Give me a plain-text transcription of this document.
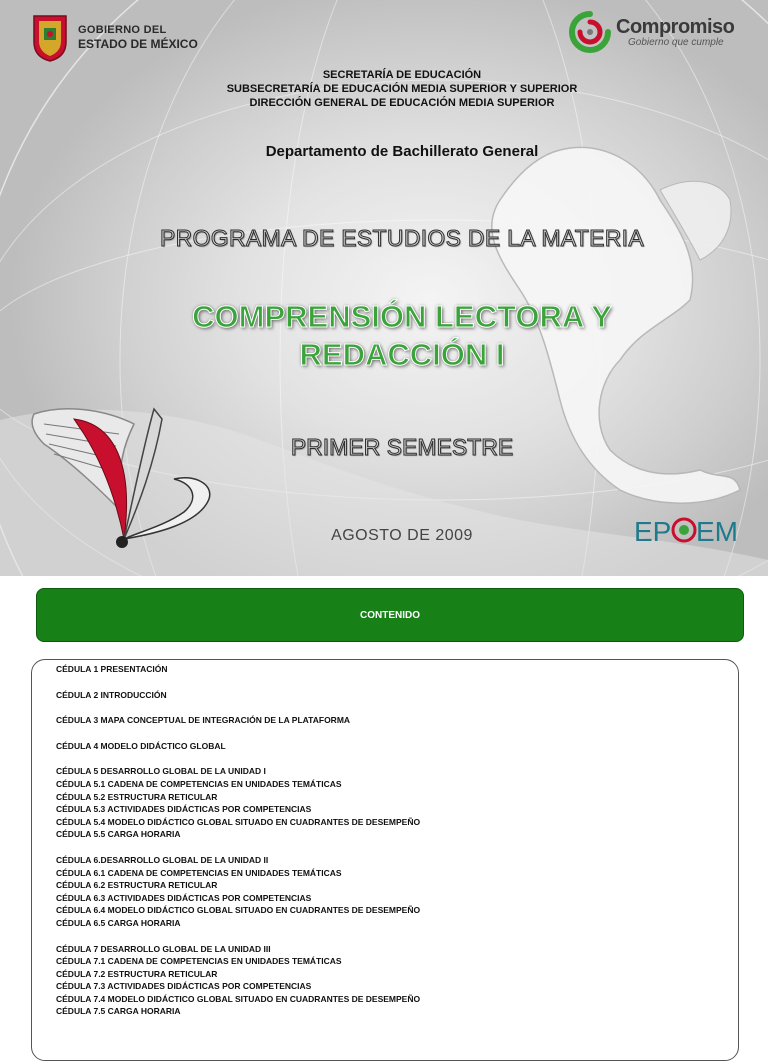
GOBIERNO DEL
ESTADO DE MÉXICO
Compromiso
Gobierno que cumple
SECRETARÍA DE EDUCACIÓN
SUBSECRETARÍA DE EDUCACIÓN MEDIA SUPERIOR Y SUPERIOR
DIRECCIÓN GENERAL DE EDUCACIÓN MEDIA SUPERIOR
Departamento de Bachillerato General
PROGRAMA DE ESTUDIOS DE LA MATERIA
COMPRENSIÓN LECTORA Y
REDACCIÓN I
PRIMER SEMESTRE
AGOSTO DE 2009	EP EM
CONTENIDO
CÉDULA 1 PRESENTACIÓN
CÉDULA 2 INTRODUCCIÓN
CÉDULA 3 MAPA CONCEPTUAL DE INTEGRACIÓN DE LA PLATAFORMA
CÉDULA 4 MODELO DIDÁCTICO GLOBAL
CÉDULA 5 DESARROLLO GLOBAL DE LA UNIDAD I
CÉDULA 5.1 CADENA DE COMPETENCIAS EN UNIDADES TEMÁTICAS
CÉDULA 5.2 ESTRUCTURA RETICULAR
CÉDULA 5.3 ACTIVIDADES DIDÁCTICAS POR COMPETENCIAS
CÉDULA 5.4 MODELO DIDÁCTICO GLOBAL SITUADO EN CUADRANTES DE DESEMPEÑO
CÉDULA 5.5 CARGA HORARIA
CÉDULA 6.DESARROLLO GLOBAL DE LA UNIDAD II
CÉDULA 6.1 CADENA DE COMPETENCIAS EN UNIDADES TEMÁTICAS
CÉDULA 6.2 ESTRUCTURA RETICULAR
CÉDULA 6.3 ACTIVIDADES DIDÁCTICAS POR COMPETENCIAS
CÉDULA 6.4 MODELO DIDÁCTICO GLOBAL SITUADO EN CUADRANTES DE DESEMPEÑO
CÉDULA 6.5 CARGA HORARIA
CÉDULA 7 DESARROLLO GLOBAL DE LA UNIDAD III
CÉDULA 7.1 CADENA DE COMPETENCIAS EN UNIDADES TEMÁTICAS
CÉDULA 7.2 ESTRUCTURA RETICULAR
CÉDULA 7.3 ACTIVIDADES DIDÁCTICAS POR COMPETENCIAS
CÉDULA 7.4 MODELO DIDÁCTICO GLOBAL SITUADO EN CUADRANTES DE DESEMPEÑO
CÉDULA 7.5 CARGA HORARIA
